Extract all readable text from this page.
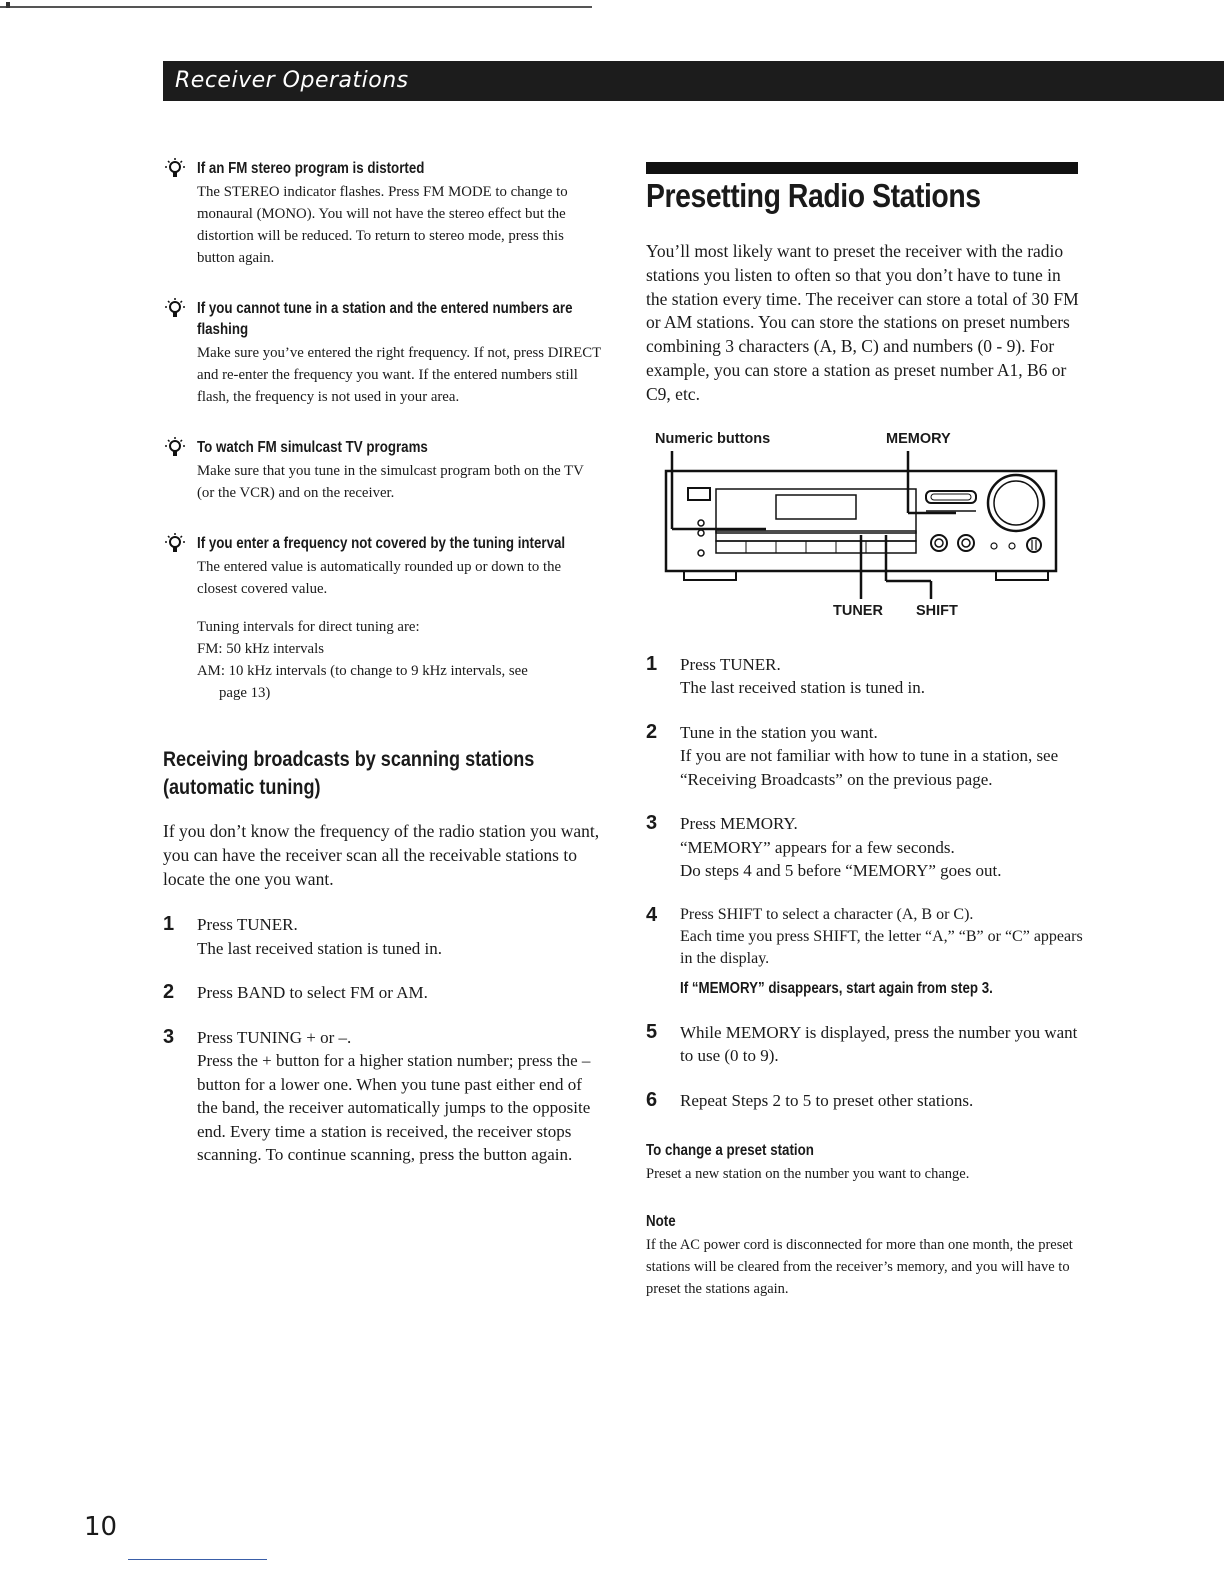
Receiver Operations
If an FM stereo program is distorted
The STEREO indicator flashes. Press FM MODE to change to monaural (MONO). You will not have the stereo effect but the distortion will be reduced. To return to stereo mode, press this button again.
If you cannot tune in a station and the entered numbers are flashing
Make sure you’ve entered the right frequency. If not, press DIRECT and re-enter the frequency you want. If the entered numbers still flash, the frequency is not used in your area.
To watch FM simulcast TV programs
Make sure that you tune in the simulcast program both on the TV (or the VCR) and on the receiver.
If you enter a frequency not covered by the tuning interval
The entered value is automatically rounded up or down to the closest covered value.
Tuning intervals for direct tuning are:
FM: 50 kHz intervals
AM: 10 kHz intervals (to change to 9 kHz intervals, see
page 13)
Receiving broadcasts by scanning stations (automatic tuning)
If you don’t know the frequency of the radio station you want, you can have the receiver scan all the receivable stations to locate the one you want.
1 Press TUNER.
The last received station is tuned in.
2 Press BAND to select FM or AM.
3 Press TUNING + or –.
Press the + button for a higher station number; press the – button for a lower one. When you tune past either end of the band, the receiver automatically jumps to the opposite end. Every time a station is received, the receiver stops scanning. To continue scanning, press the button again.
Presetting Radio Stations
You’ll most likely want to preset the receiver with the radio stations you listen to often so that you don’t have to tune in the station every time. The receiver can store a total of 30 FM or AM stations. You can store the stations on preset numbers combining 3 characters (A, B, C) and numbers (0 - 9). For example, you can store a station as preset number A1, B6 or C9, etc.
Numeric buttons	MEMORY
TUNER SHIFT
1 Press TUNER.
The last received station is tuned in.
2 Tune in the station you want.
If you are not familiar with how to tune in a station, see “Receiving Broadcasts” on the previous page.
3 Press MEMORY.
“MEMORY” appears for a few seconds.
Do steps 4 and 5 before “MEMORY” goes out.
4 Press SHIFT to select a character (A, B or C).
Each time you press SHIFT, the letter “A,” “B” or “C” appears in the display.
If “MEMORY” disappears, start again from step 3.
5 While MEMORY is displayed, press the number you want to use (0 to 9).
6 Repeat Steps 2 to 5 to preset other stations.
To change a preset station
Preset a new station on the number you want to change.
Note
If the AC power cord is disconnected for more than one month, the preset stations will be cleared from the receiver’s memory, and you will have to preset the stations again.
10
